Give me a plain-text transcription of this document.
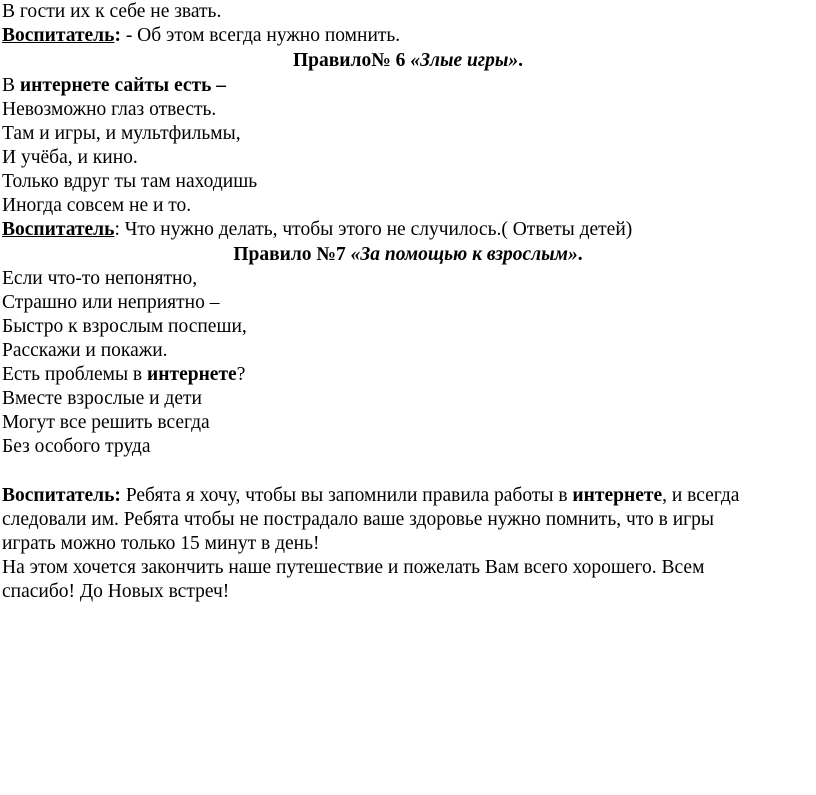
В гости их к себе не звать.
Воспитатель: - Об этом всегда нужно помнить.
Правило№ 6 «Злые игры».
В интернете сайты есть –
Невозможно глаз отвесть.
Там и игры, и мультфильмы,
И учёба, и кино.
Только вдруг ты там находишь
Иногда совсем не и то.
Воспитатель: Что нужно делать, чтобы этого не случилось.( Ответы детей)
Правило №7 «За помощью к взрослым».
Если что-то непонятно,
Страшно или неприятно –
Быстро к взрослым поспеши,
Расскажи и покажи.
Есть проблемы в интернете?
Вместе взрослые и дети
Могут все решить всегда
Без особого труда
Воспитатель: Ребята я хочу, чтобы вы запомнили правила работы в интернете, и всегда
следовали им. Ребята чтобы не пострадало ваше здоровье нужно помнить, что в игры
играть можно только 15 минут в день!
На этом хочется закончить наше путешествие и пожелать Вам всего хорошего. Всем
спасибо! До Новых встреч!
